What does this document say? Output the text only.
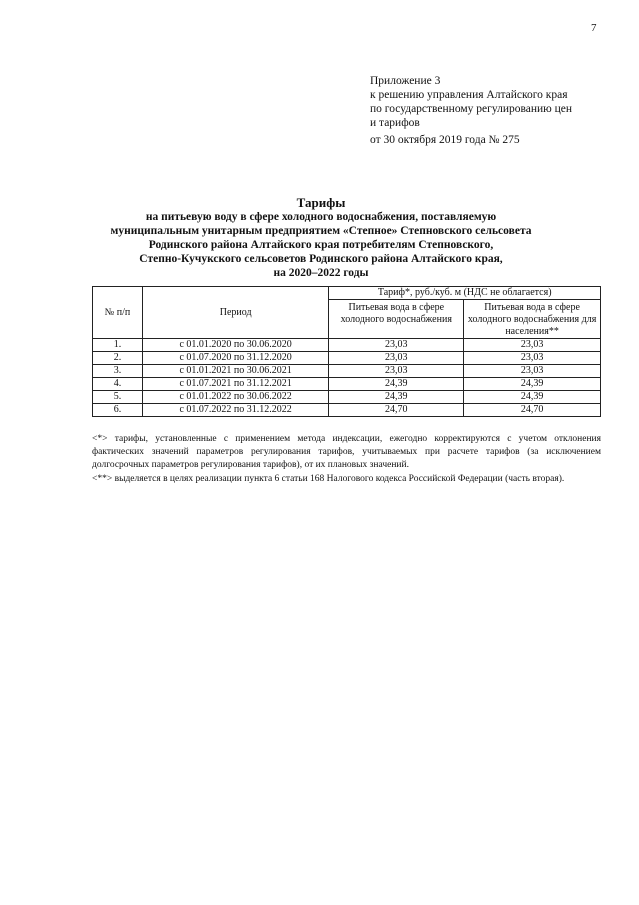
7
Приложение 3
к решению управления Алтайского края
по государственному регулированию цен
и тарифов
от 30 октября 2019 года № 275
Тарифы
на питьевую воду в сфере холодного водоснабжения, поставляемую
муниципальным унитарным предприятием «Степное» Степновского сельсовета
Родинского района Алтайского края потребителям Степновского,
Степно-Кучукского сельсоветов Родинского района Алтайского края,
на 2020–2022 годы
№ п/п	Период	Тариф*, руб./куб. м (НДС не облагается)	
		Питьевая вода в сфере холодного водоснабжения	Питьевая вода в сфере холодного водоснабжения для населения**
1.	с 01.01.2020 по 30.06.2020	23,03	23,03
2.	с 01.07.2020 по 31.12.2020	23,03	23,03
3.	с 01.01.2021 по 30.06.2021	23,03	23,03
4.	с 01.07.2021 по 31.12.2021	24,39	24,39
5.	с 01.01.2022 по 30.06.2022	24,39	24,39
6.	с 01.07.2022 по 31.12.2022	24,70	24,70

<*> тарифы, установленные с применением метода индексации, ежегодно корректируются с учетом отклонения фактических значений параметров регулирования тарифов, учитываемых при расчете тарифов (за исключением долгосрочных параметров регулирования тарифов), от их плановых значений.

<**> выделяется в целях реализации пункта 6 статьи 168 Налогового кодекса Российской Федерации (часть вторая).
